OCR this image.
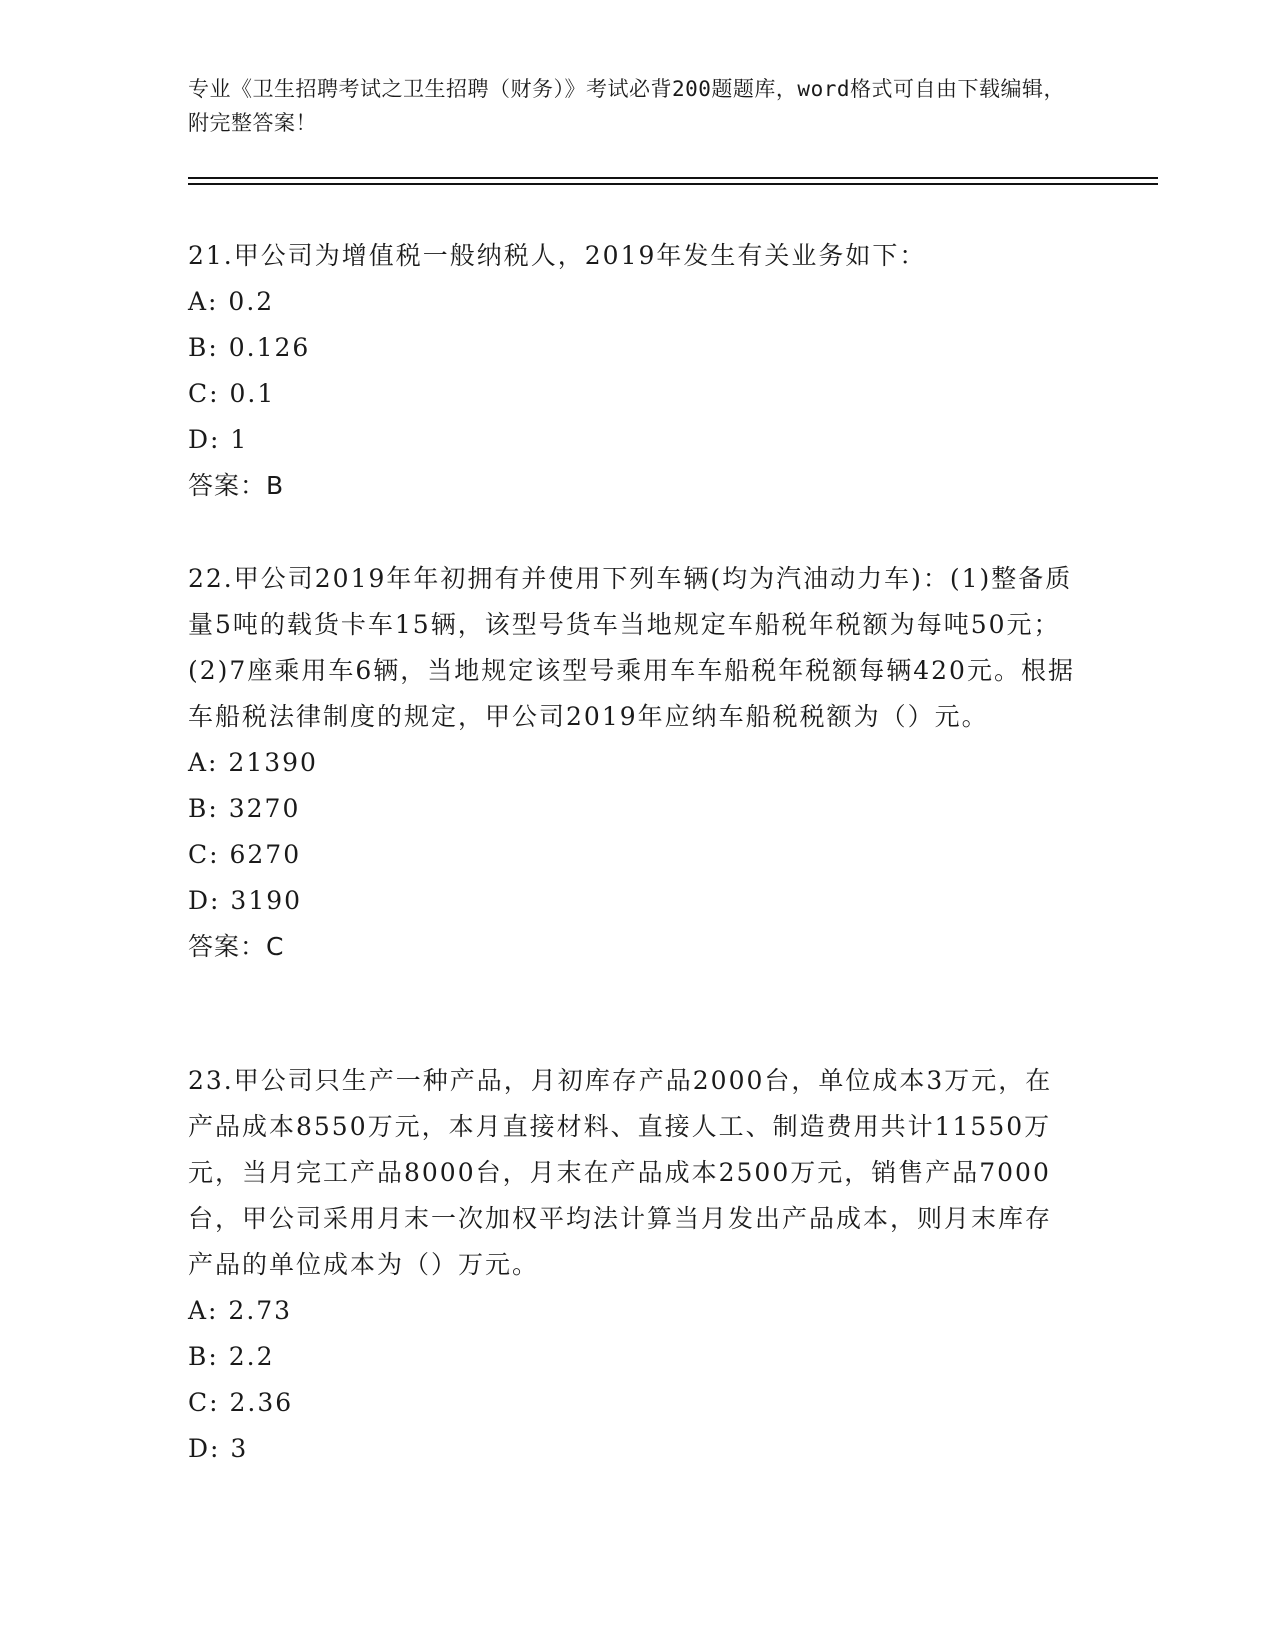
专业《卫生招聘考试之卫生招聘（财务）》考试必背200题题库，word格式可自由下载编辑，附完整答案！

21.甲公司为增值税一般纳税人，2019年发生有关业务如下：

A: 0.2

B: 0.126

C: 0.1

D: 1

答案：B

22.甲公司2019年年初拥有并使用下列车辆(均为汽油动力车)：(1)整备质量5吨的载货卡车15辆，该型号货车当地规定车船税年税额为每吨50元；(2)7座乘用车6辆，当地规定该型号乘用车车船税年税额每辆420元。根据车船税法律制度的规定，甲公司2019年应纳车船税税额为（）元。

A: 21390

B: 3270

C: 6270

D: 3190

答案：C

23.甲公司只生产一种产品，月初库存产品2000台，单位成本3万元，在产品成本8550万元，本月直接材料、直接人工、制造费用共计11550万元，当月完工产品8000台，月末在产品成本2500万元，销售产品7000台，甲公司采用月末一次加权平均法计算当月发出产品成本，则月末库存产品的单位成本为（）万元。

A: 2.73

B: 2.2

C: 2.36

D: 3
